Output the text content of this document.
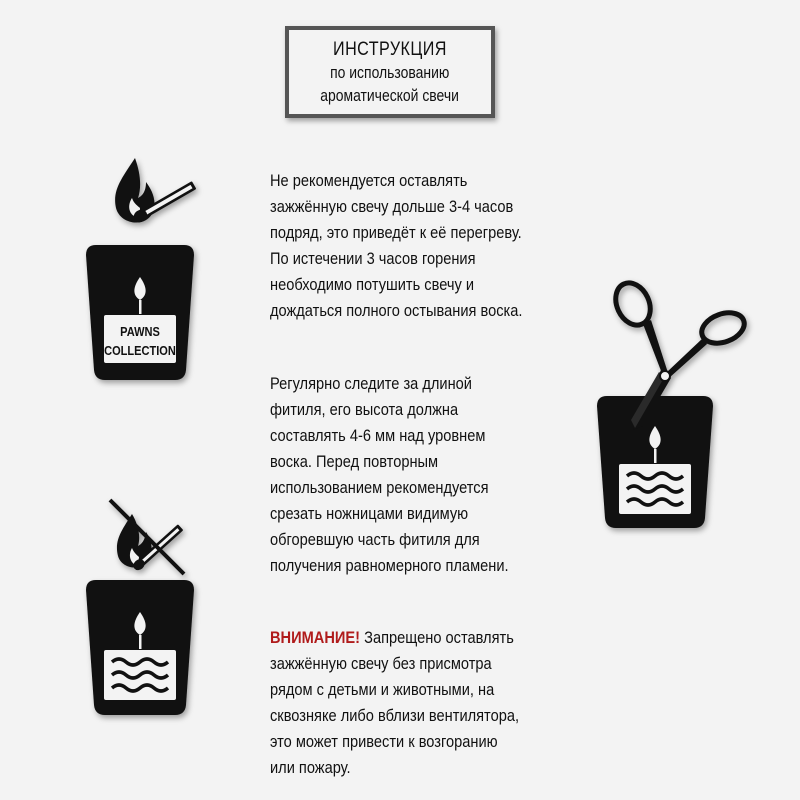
ИНСТРУКЦИЯ
по использованию
ароматической свечи
Не рекомендуется оставлять
зажжённую свечу дольше 3-4 часов
подряд, это приведёт к её перегреву.
По истечении 3 часов горения
необходимо потушить свечу и
дождаться полного остывания воска.
Регулярно следите за длиной
фитиля, его высота должна
составлять 4-6 мм над уровнем
воска. Перед повторным
использованием рекомендуется
срезать ножницами видимую
обгоревшую часть фитиля для
получения равномерного пламени.
ВНИМАНИЕ! Запрещено оставлять
зажжённую свечу без присмотра
рядом с детьми и животными, на
сквозняке либо вблизи вентилятора,
это может привести к возгоранию
или пожару.
PAWNS
COLLECTION
